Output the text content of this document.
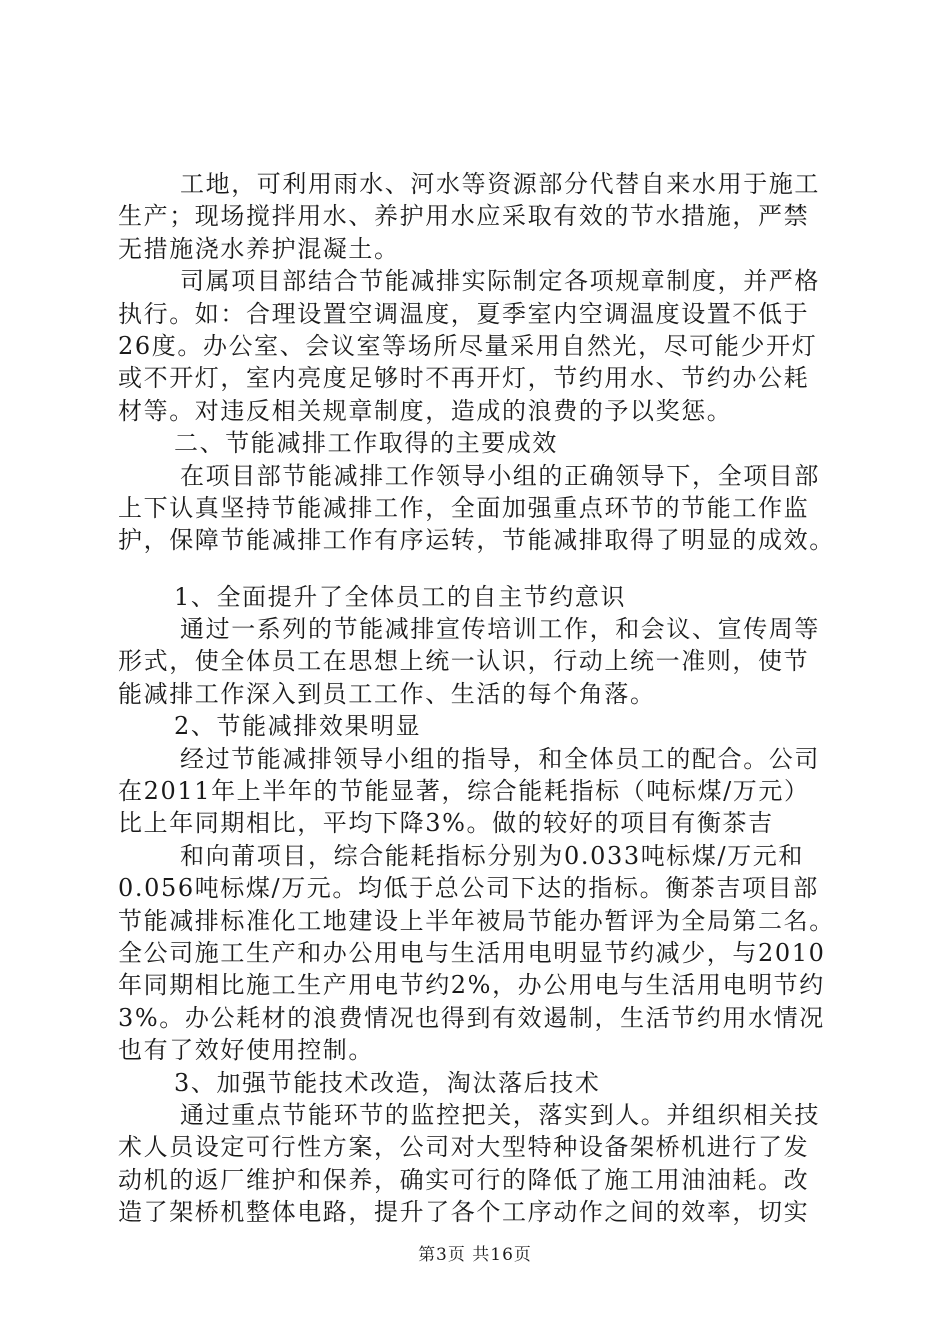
工地，可利用雨水、河水等资源部分代替自来水用于施工
生产；现场搅拌用水、养护用水应采取有效的节水措施，严禁
无措施浇水养护混凝土。
司属项目部结合节能减排实际制定各项规章制度，并严格
执行。如：合理设置空调温度，夏季室内空调温度设置不低于
26度。办公室、会议室等场所尽量采用自然光，尽可能少开灯
或不开灯，室内亮度足够时不再开灯，节约用水、节约办公耗
材等。对违反相关规章制度，造成的浪费的予以奖惩。
二、节能减排工作取得的主要成效
在项目部节能减排工作领导小组的正确领导下，全项目部
上下认真坚持节能减排工作，全面加强重点环节的节能工作监
护，保障节能减排工作有序运转，节能减排取得了明显的成效。
1、全面提升了全体员工的自主节约意识
通过一系列的节能减排宣传培训工作，和会议、宣传周等
形式，使全体员工在思想上统一认识，行动上统一准则，使节
能减排工作深入到员工工作、生活的每个角落。
2、节能减排效果明显
经过节能减排领导小组的指导，和全体员工的配合。公司
在2011年上半年的节能显著，综合能耗指标（吨标煤/万元）
比上年同期相比，平均下降3%。做的较好的项目有衡茶吉
和向莆项目，综合能耗指标分别为0.033吨标煤/万元和
0.056吨标煤/万元。均低于总公司下达的指标。衡茶吉项目部
节能减排标准化工地建设上半年被局节能办暂评为全局第二名。
全公司施工生产和办公用电与生活用电明显节约减少，与2010
年同期相比施工生产用电节约2%，办公用电与生活用电明节约
3%。办公耗材的浪费情况也得到有效遏制，生活节约用水情况
也有了效好使用控制。
3、加强节能技术改造，淘汰落后技术
通过重点节能环节的监控把关，落实到人。并组织相关技
术人员设定可行性方案，公司对大型特种设备架桥机进行了发
动机的返厂维护和保养，确实可行的降低了施工用油油耗。改
造了架桥机整体电路，提升了各个工序动作之间的效率，切实
第3页 共16页
